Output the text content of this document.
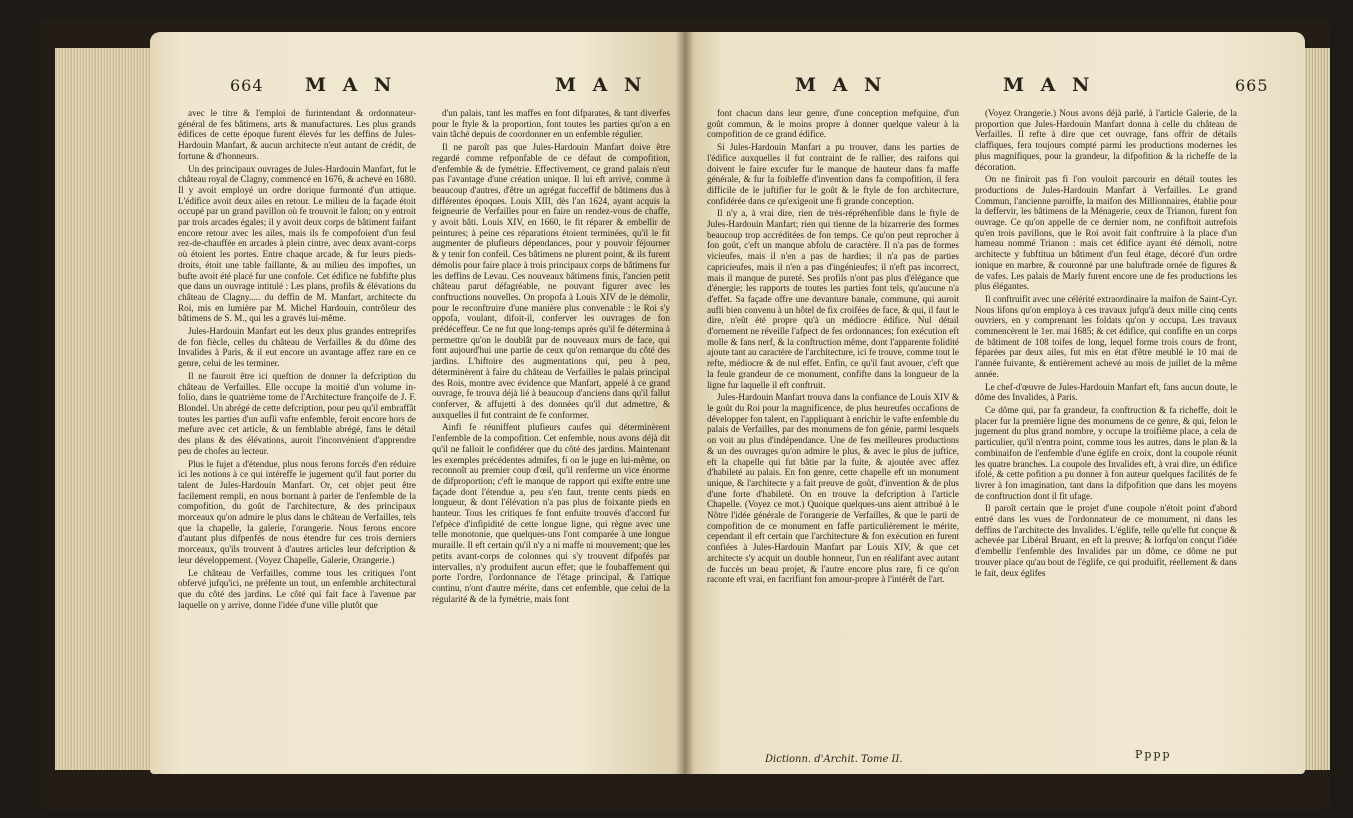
664 M A N	M A N

avec le titre & l'emploi de furintendant & ordonnateur-général de fes bâtimens, arts & manufactures. Les plus grands édifices de cette époque furent élevés fur les deffins de Jules-Hardouin Manfart, & aucun architecte n'eut autant de crédit, de fortune & d'honneurs.

Un des principaux ouvrages de Jules-Hardouin Manfart, fut le château royal de Clagny, commencé en 1676, & achevé en 1680. Il y avoit employé un ordre dorique furmonté d'un attique. L'édifice avoit deux ailes en retour. Le milieu de la façade étoit occupé par un grand pavillon où fe trouvoit le falon; on y entroit par trois arcades égales; il y avoit deux corps de bâtiment faifant encore retour avec les ailes, mais ils fe compofoient d'un feul rez-de-chauffée en arcades à plein cintre, avec deux avant-corps où étoient les portes. Entre chaque arcade, & fur leurs pieds-droits, étoit une table faillante, & au milieu des impoftes, un bufte avoit été placé fur une confole. Cet édifice ne fubfifte plus que dans un ouvrage intitulé : Les plans, profils & élévations du château de Clagny..... du deffin de M. Manfart, architecte du Roi, mis en lumière par M. Michel Hardouin, contrôleur des bâtimens de S. M., qui les a gravés lui-même.

Jules-Hardouin Manfart eut les deux plus grandes entreprifes de fon fiècle, celles du château de Verfailles & du dôme des Invalides à Paris, & il eut encore un avantage affez rare en ce genre, celui de les terminer.

Il ne fauroit être ici queftion de donner la defcription du château de Verfailles. Elle occupe la moitié d'un volume in-folio, dans le quatrième tome de l'Architecture françoife de J. F. Blondel. Un abrégé de cette defcription, pour peu qu'il embraffât toutes les parties d'un aufli vafte enfemble, feroit encore hors de mefure avec cet article, & un femblable abrégé, fans le détail des plans & des élévations, auroit l'inconvénient d'apprendre peu de chofes au lecteur.

Plus le fujet a d'étendue, plus nous ferons forcés d'en réduire ici les notions à ce qui intéreffe le jugement qu'il faut porter du talent de Jules-Hardouin Manfart. Or, cet objet peut être facilement rempli, en nous bornant à parler de l'enfemble de la compofition, du goût de l'architecture, & des principaux morceaux qu'on admire le plus dans le château de Verfailles, tels que la chapelle, la galerie, l'orangerie. Nous ferons encore d'autant plus difpenfés de nous étendre fur ces trois derniers morceaux, qu'ils trouvent à d'autres articles leur defcription & leur développement. (Voyez Chapelle, Galerie, Orangerie.)

Le château de Verfailles, comme tous les critiques l'ont obfervé jufqu'ici, ne préfente un tout, un enfemble architectural que du côté des jardins. Le côté qui fait face à l'avenue par laquelle on y arrive, donne l'idée d'une ville plutôt que

d'un palais, tant les maffes en font difparates, & tant diverfes pour le ftyle & la proportion, font toutes les parties qu'on a en vain tâché depuis de coordonner en un enfemble régulier.

Il ne paroît pas que Jules-Hardouin Manfart doive être regardé comme refponfable de ce défaut de compofition, d'enfemble & de fymétrie. Effectivement, ce grand palais n'eut pas l'avantage d'une création unique. Il lui eft arrivé, comme à beaucoup d'autres, d'être un agrégat fucceffif de bâtimens dus à différentes époques. Louis XIII, dès l'an 1624, ayant acquis la feigneurie de Verfailles pour en faire un rendez-vous de chaffe, y avoit bâti. Louis XIV, en 1660, le fit réparer & embellir de peintures; à peine ces réparations étoient terminées, qu'il le fit augmenter de plufieurs dépendances, pour y pouvoir féjourner & y tenir fon confeil. Ces bâtimens ne plurent point, & ils furent démolis pour faire place à trois principaux corps de bâtimens fur les deffins de Levau. Ces nouveaux bâtimens finis, l'ancien petit château parut défagréable, ne pouvant figurer avec les conftructions nouvelles. On propofa à Louis XIV de le démolir, pour le reconftruire d'une manière plus convenable : le Roi s'y oppofa, voulant, difoit-il, conferver les ouvrages de fon prédéceffeur. Ce ne fut que long-temps après qu'il fe détermina à permettre qu'on le doublât par de nouveaux murs de face, qui font aujourd'hui une partie de ceux qu'on remarque du côté des jardins. L'hiftoire des augmentations qui, peu à peu, déterminèrent à faire du château de Verfailles le palais principal des Rois, montre avec évidence que Manfart, appelé à ce grand ouvrage, fe trouva déjà lié à beaucoup d'anciens dans qu'il fallut conferver, & affujetti à des données qu'il dut admettre, & auxquelles il fut contraint de fe conformer.

Ainfi fe réuniffent plufieurs caufes qui déterminèrent l'enfemble de la compofition. Cet enfemble, nous avons déjà dit qu'il ne falloit le confidérer que du côté des jardins. Maintenant les exemples précédentes admifes, fi on le juge en lui-même, on reconnoît au premier coup d'œil, qu'il renferme un vice énorme de difproportion; c'eft le manque de rapport qui exifte entre une façade dont l'étendue a, peu s'en faut, trente cents pieds en longueur, & dont l'élévation n'a pas plus de foixante pieds en hauteur. Tous les critiques fe font enfuite trouvés d'accord fur l'efpèce d'infipidité de cette longue ligne, qui règne avec une telle monotonie, que quelques-uns l'ont comparée à une longue muraille. Il eft certain qu'il n'y a ni maffe ni mouvement; que les petits avant-corps de colonnes qui s'y trouvent difpofés par intervalles, n'y produifent aucun effet; que le foubaffement qui porte l'ordre, l'ordonnance de l'étage principal, & l'attique continu, n'ont d'autre mérite, dans cet enfemble, que celui de la régularité & de la fymétrie, mais font

M A N	M A N	665

font chacun dans leur genre, d'une conception mefquine, d'un goût commun, & le moins propre à donner quelque valeur à la compofition de ce grand édifice.

Si Jules-Hardouin Manfart a pu trouver, dans les parties de l'édifice auxquelles il fut contraint de fe rallier, des raifons qui doivent le faire excufer fur le manque de hauteur dans fa maffe générale, & fur la foibleffe d'invention dans fa compofition, il fera difficile de le juftifier fur le goût & le ftyle de fon architecture, confidérée dans ce qu'exigeoit une fi grande conception.

Il n'y a, à vrai dire, rien de très-répréhenfible dans le ftyle de Jules-Hardouin Manfart; rien qui tienne de la bizarrerie des formes beaucoup trop accréditées de fon temps. Ce qu'on peut reprocher à fon goût, c'eft un manque abfolu de caractère. Il n'a pas de formes vicieufes, mais il n'en a pas de hardies; il n'a pas de parties capricieufes, mais il n'en a pas d'ingénieufes; il n'eft pas incorrect, mais il manque de pureté. Ses profils n'ont pas plus d'élégance que d'énergie; les rapports de toutes les parties font tels, qu'aucune n'a d'effet. Sa façade offre une devanture banale, commune, qui auroit aufli bien convenu à un hôtel de fix croifées de face, & qui, il faut le dire, n'eût été propre qu'à un médiocre édifice. Nul détail d'ornement ne réveille l'afpect de fes ordonnances; fon exécution eft molle & fans nerf, & la conftruction même, dont l'apparente folidité ajoute tant au caractère de l'architecture, ici fe trouve, comme tout le refte, médiocre & de nul effet. Enfin, ce qu'il faut avouer, c'eft que la feule grandeur de ce monument, confifte dans la longueur de la ligne fur laquelle il eft conftruit.

Jules-Hardouin Manfart trouva dans la confiance de Louis XIV & le goût du Roi pour la magnificence, de plus heureufes occafions de développer fon talent, en l'appliquant à enrichir le vafte enfemble du palais de Verfailles, par des monumens de fon génie, parmi lesquels on voit au plus d'indépendance. Une de fes meilleures productions & un des ouvrages qu'on admire le plus, & avec le plus de juftice, eft la chapelle qui fut bâtie par la fuite, & ajoutée avec affez d'habileté au palais. En fon genre, cette chapelle eft un monument unique, & l'architecte y a fait preuve de goût, d'invention & de plus d'une forte d'habileté. On en trouve la defcription à l'article Chapelle. (Voyez ce mot.) Quoique quelques-uns aient attribué à le Nôtre l'idée générale de l'orangerie de Verfailles, & que le parti de compofition de ce monument en faffe particulièrement le mérite, cependant il eft certain que l'architecture & fon exécution en furent confiées à Jules-Hardouin Manfart par Louis XIV, & que cet architecte s'y acquit un double honneur, l'un en réalifant avec autant de fuccès un beau projet, & l'autre encore plus rare, fi ce qu'on raconte eft vrai, en facrifiant fon amour-propre à l'intérêt de l'art.

(Voyez Orangerie.) Nous avons déjà parlé, à l'article Galerie, de la proportion que Jules-Hardouin Manfart donna à celle du château de Verfailles. Il refte à dire que cet ouvrage, fans offrir de détails claffiques, fera toujours compté parmi les productions modernes les plus magnifiques, pour la grandeur, la difpofition & la richeffe de la décoration.

On ne finiroit pas fi l'on vouloit parcourir en détail toutes les productions de Jules-Hardouin Manfart à Verfailles. Le grand Commun, l'ancienne paroiffe, la maifon des Millionnaires, établie pour la deffervir, les bâtimens de la Ménagerie, ceux de Trianon, furent fon ouvrage. Ce qu'on appelle de ce dernier nom, ne confiftoit autrefois qu'en trois pavillons, que le Roi avoit fait conftruire à la place d'un hameau nommé Trianon : mais cet édifice ayant été démoli, notre architecte y fubftitua un bâtiment d'un feul étage, décoré d'un ordre ionique en marbre, & couronné par une baluftrade ornée de figures & de vafes. Les palais de Marly furent encore une de fes productions les plus élégantes.

Il conftruifit avec une célérité extraordinaire la maifon de Saint-Cyr. Nous lifons qu'on employa à ces travaux jufqu'à deux mille cinq cents ouvriers, en y comprenant les foldats qu'on y occupa. Les travaux commencèrent le 1er. mai 1685; & cet édifice, qui confifte en un corps de bâtiment de 108 toifes de long, lequel forme trois cours de front, féparées par deux ailes, fut mis en état d'être meublé le 10 mai de l'année fuivante, & entièrement achevé au mois de juillet de la même année.

Le chef-d'œuvre de Jules-Hardouin Manfart eft, fans aucun doute, le dôme des Invalides, à Paris.

Ce dôme qui, par fa grandeur, fa conftruction & fa richeffe, doit le placer fur la première ligne des monumens de ce genre, & qui, felon le jugement du plus grand nombre, y occupe la troifième place, a cela de particulier, qu'il n'entra point, comme tous les autres, dans le plan & la combinaifon de l'enfemble d'une églife en croix, dont la coupole réunit les quatre branches. La coupole des Invalides eft, à vrai dire, un édifice ifolé, & cette pofition a pu donner à fon auteur quelques facilités de fe livrer à fon imagination, tant dans la difpofition que dans les moyens de conftruction dont il fit ufage.

Il paroît certain que le projet d'une coupole n'étoit point d'abord entré dans les vues de l'ordonnateur de ce monument, ni dans les deffins de l'architecte des Invalides. L'églife, telle qu'elle fut conçue & achevée par Libéral Bruant, en eft la preuve; & lorfqu'on conçut l'idée d'embellir l'enfemble des Invalides par un dôme, ce dôme ne put trouver place qu'au bout de l'églife, ce qui produifit, réellement & dans le fait, deux églifes

Dictionn. d'Archit. Tome II.	Pppp
